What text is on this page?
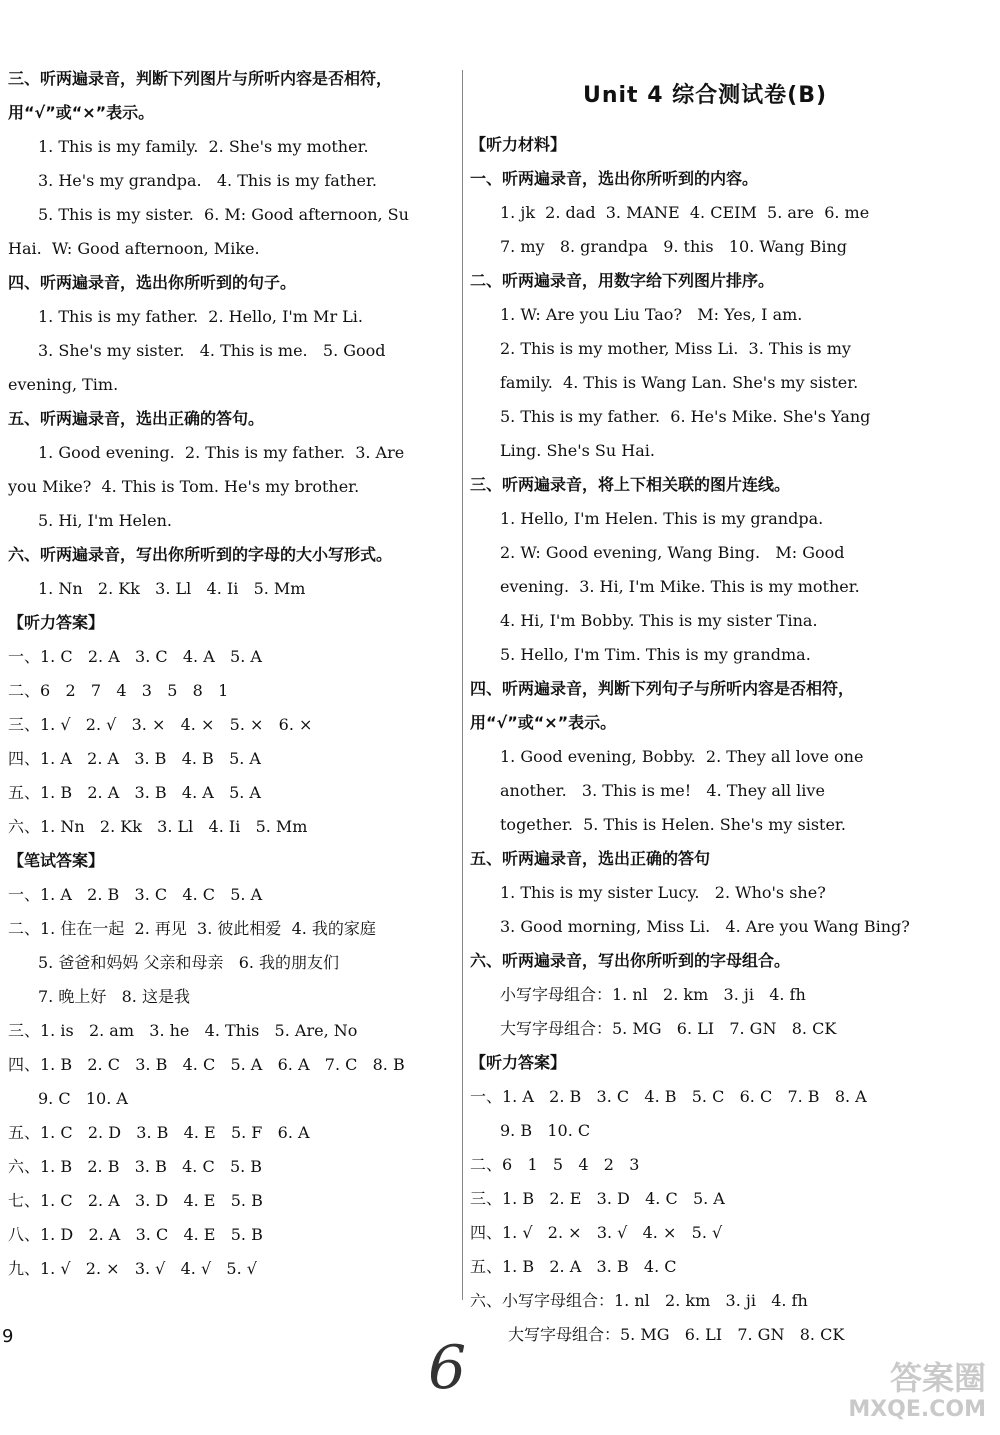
三、听两遍录音，判断下列图片与所听内容是否相符，
用“√”或“×”表示。
1. This is my family.  2. She's my mother.
3. He's my grandpa.   4. This is my father.
5. This is my sister.  6. M: Good afternoon, Su
Hai.  W: Good afternoon, Mike.
四、听两遍录音，选出你所听到的句子。
1. This is my father.  2. Hello, I'm Mr Li.
3. She's my sister.   4. This is me.   5. Good
evening, Tim.
五、听两遍录音，选出正确的答句。
1. Good evening.  2. This is my father.  3. Are
you Mike?  4. This is Tom. He's my brother.
5. Hi, I'm Helen.
六、听两遍录音，写出你所听到的字母的大小写形式。
1. Nn   2. Kk   3. Ll   4. Ii   5. Mm
【听力答案】
一、1. C   2. A   3. C   4. A   5. A
二、6   2   7   4   3   5   8   1
三、1. √   2. √   3. ×   4. ×   5. ×   6. ×
四、1. A   2. A   3. B   4. B   5. A
五、1. B   2. A   3. B   4. A   5. A
六、1. Nn   2. Kk   3. Ll   4. Ii   5. Mm
【笔试答案】
一、1. A   2. B   3. C   4. C   5. A
二、1. 住在一起  2. 再见  3. 彼此相爱  4. 我的家庭
5. 爸爸和妈妈 父亲和母亲   6. 我的朋友们
7. 晚上好   8. 这是我
三、1. is   2. am   3. he   4. This   5. Are, No
四、1. B   2. C   3. B   4. C   5. A   6. A   7. C   8. B
9. C   10. A
五、1. C   2. D   3. B   4. E   5. F   6. A
六、1. B   2. B   3. B   4. C   5. B
七、1. C   2. A   3. D   4. E   5. B
八、1. D   2. A   3. C   4. E   5. B
九、1. √   2. ×   3. √   4. √   5. √
Unit 4 综合测试卷(B)
【听力材料】
一、听两遍录音，选出你所听到的内容。
1. jk  2. dad  3. MANE  4. CEIM  5. are  6. me
7. my   8. grandpa   9. this   10. Wang Bing
二、听两遍录音，用数字给下列图片排序。
1. W: Are you Liu Tao?   M: Yes, I am.
2. This is my mother, Miss Li.  3. This is my
family.  4. This is Wang Lan. She's my sister.
5. This is my father.  6. He's Mike. She's Yang
Ling. She's Su Hai.
三、听两遍录音，将上下相关联的图片连线。
1. Hello, I'm Helen. This is my grandpa.
2. W: Good evening, Wang Bing.   M: Good
evening.  3. Hi, I'm Mike. This is my mother.
4. Hi, I'm Bobby. This is my sister Tina.
5. Hello, I'm Tim. This is my grandma.
四、听两遍录音，判断下列句子与所听内容是否相符，
用“√”或“×”表示。
1. Good evening, Bobby.  2. They all love one
another.   3. This is me!   4. They all live
together.  5. This is Helen. She's my sister.
五、听两遍录音，选出正确的答句
1. This is my sister Lucy.   2. Who's she?
3. Good morning, Miss Li.   4. Are you Wang Bing?
六、听两遍录音，写出你所听到的字母组合。
小写字母组合：1. nl   2. km   3. ji   4. fh
大写字母组合：5. MG   6. LI   7. GN   8. CK
【听力答案】
一、1. A   2. B   3. C   4. B   5. C   6. C   7. B   8. A
9. B   10. C
二、6   1   5   4   2   3
三、1. B   2. E   3. D   4. C   5. A
四、1. √   2. ×   3. √   4. ×   5. √
五、1. B   2. A   3. B   4. C
六、小写字母组合：1. nl   2. km   3. ji   4. fh
大写字母组合：5. MG   6. LI   7. GN   8. CK
9	6	答案圈
MXQE.COM
